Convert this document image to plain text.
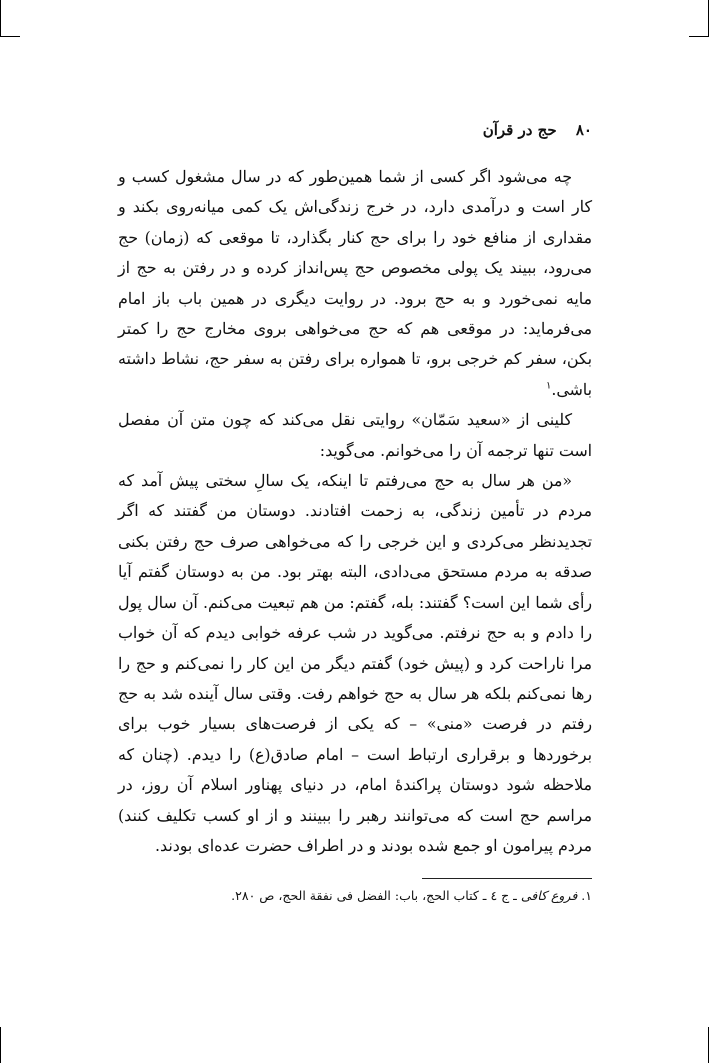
۸۰ حج در قرآن

چه می‌شود اگر کسی از شما همین‌طور که در سال مشغول کسب و کار است و درآمدی دارد، در خرج زندگی‌اش یک کمی میانه‌روی بکند و مقداری از منافع خود را برای حج کنار بگذارد، تا موقعی که (زمان) حج می‌رود، ببیند یک پولی مخصوص حج پس‌انداز کرده و در رفتن به حج از مایه نمی‌خورد و به حج برود. در روایت دیگری در همین باب باز امام می‌فرماید: در موقعی هم که حج می‌خواهی بروی مخارج حج را کمتر بکن، سفر کم خرجی برو، تا همواره برای رفتن به سفر حج، نشاط داشته باشی.$^۱$

کلینی از «سعید سَمّان» روایتی نقل می‌کند که چون متن آن مفصل است تنها ترجمه آن را می‌خوانم. می‌گوید:

«من هر سال به حج می‌رفتم تا اینکه، یک سالِ سختی پیش آمد که مردم در تأمین زندگی، به زحمت افتادند. دوستان من گفتند که اگر تجدیدنظر می‌کردی و این خرجی را که می‌خواهی صرف حج رفتن بکنی صدقه به مردم مستحق می‌دادی، البته بهتر بود. من به دوستان گفتم آیا رأی شما این است؟ گفتند: بله، گفتم: من هم تبعیت می‌کنم. آن سال پول را دادم و به حج نرفتم. می‌گوید در شب عرفه خوابی دیدم که آن خواب مرا ناراحت کرد و (پیش خود) گفتم دیگر من این کار را نمی‌کنم و حج را رها نمی‌کنم بلکه هر سال به حج خواهم رفت. وقتی سال آینده شد به حج رفتم در فرصت «منی» – که یکی از فرصت‌های بسیار خوب برای برخوردها و برقراری ارتباط است – امام صادق(ع) را دیدم. (چنان که ملاحظه شود دوستان پراکندهٔ امام، در دنیای پهناور اسلام آن روز، در مراسم حج است که می‌توانند رهبر را ببینند و از او کسب تکلیف کنند) مردم پیرامون او جمع شده بودند و در اطراف حضرت عده‌ای بودند.

۱. فروع کافی ـ ج ٤ ـ کتاب الحج، باب: الفضل فی نفقة الحج، ص ۲۸۰.
